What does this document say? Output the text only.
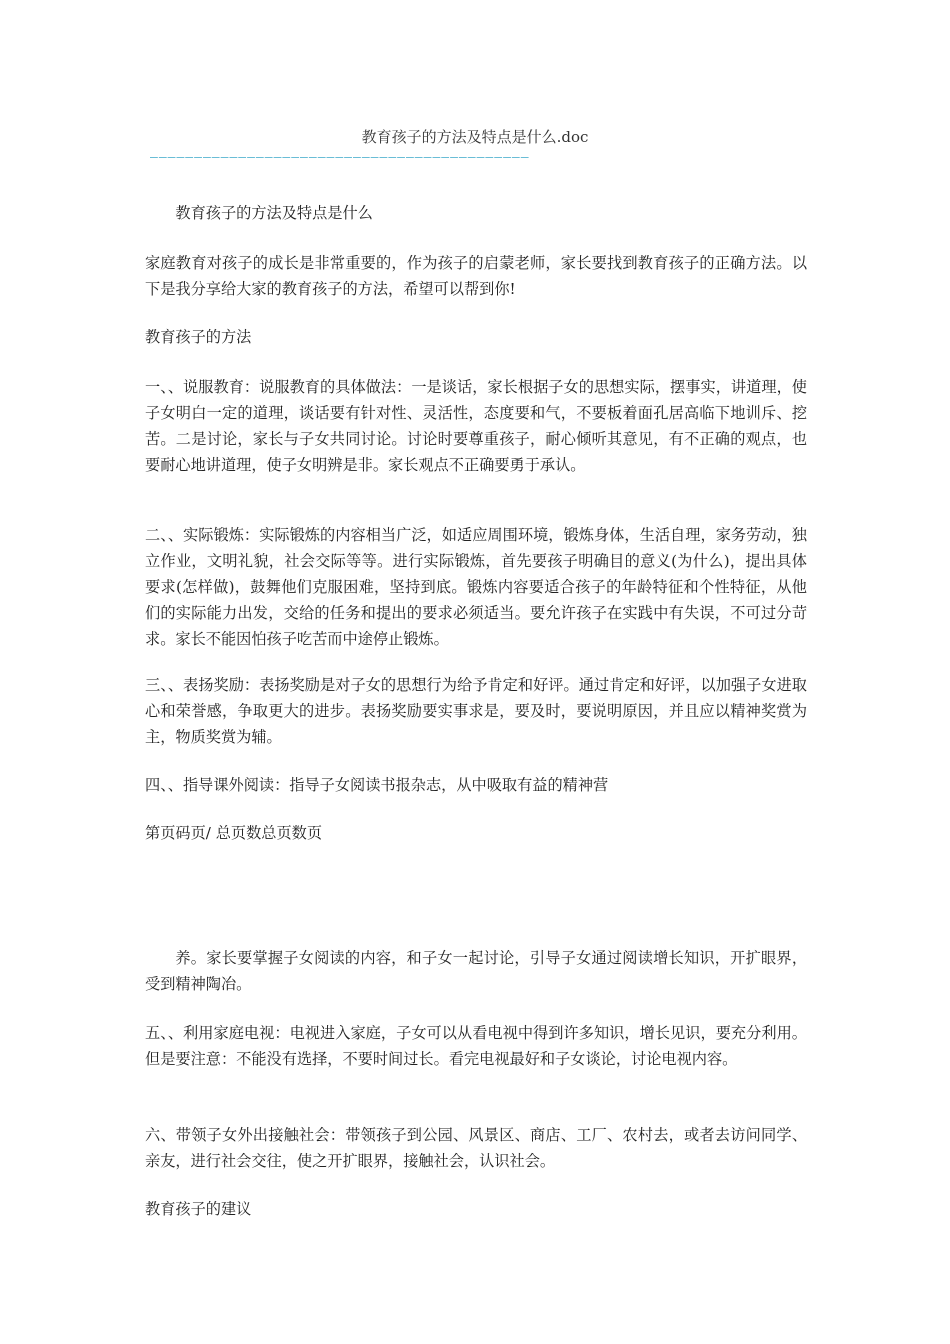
教育孩子的方法及特点是什么.doc
———————————————————————————————————————————

教育孩子的方法及特点是什么

家庭教育对孩子的成长是非常重要的，作为孩子的启蒙老师，家长要找到教育孩子的正确方法。以下是我分享给大家的教育孩子的方法，希望可以帮到你!

教育孩子的方法

一、、说服教育：说服教育的具体做法：一是谈话，家长根据子女的思想实际，摆事实，讲道理，使子女明白一定的道理，谈话要有针对性、灵活性，态度要和气，不要板着面孔居高临下地训斥、挖苦。二是讨论，家长与子女共同讨论。讨论时要尊重孩子，耐心倾听其意见，有不正确的观点，也要耐心地讲道理，使子女明辨是非。家长观点不正确要勇于承认。

二、、实际锻炼：实际锻炼的内容相当广泛，如适应周围环境，锻炼身体，生活自理，家务劳动，独立作业，文明礼貌，社会交际等等。进行实际锻炼，首先要孩子明确目的意义(为什么)，提出具体要求(怎样做)，鼓舞他们克服困难，坚持到底。锻炼内容要适合孩子的年龄特征和个性特征，从他们的实际能力出发，交给的任务和提出的要求必须适当。要允许孩子在实践中有失误，不可过分苛求。家长不能因怕孩子吃苦而中途停止锻炼。

三、、表扬奖励：表扬奖励是对子女的思想行为给予肯定和好评。通过肯定和好评，以加强子女进取心和荣誉感，争取更大的进步。表扬奖励要实事求是，要及时，要说明原因，并且应以精神奖赏为主，物质奖赏为辅。

四、、指导课外阅读：指导子女阅读书报杂志，从中吸取有益的精神营

第页码页/ 总页数总页数页

养。家长要掌握子女阅读的内容，和子女一起讨论，引导子女通过阅读增长知识，开扩眼界，受到精神陶冶。

五、、利用家庭电视：电视进入家庭，子女可以从看电视中得到许多知识，增长见识，要充分利用。但是要注意：不能没有选择，不要时间过长。看完电视最好和子女谈论，讨论电视内容。

六、带领子女外出接触社会：带领孩子到公园、风景区、商店、工厂、农村去，或者去访问同学、亲友，进行社会交往，使之开扩眼界，接触社会，认识社会。

教育孩子的建议
